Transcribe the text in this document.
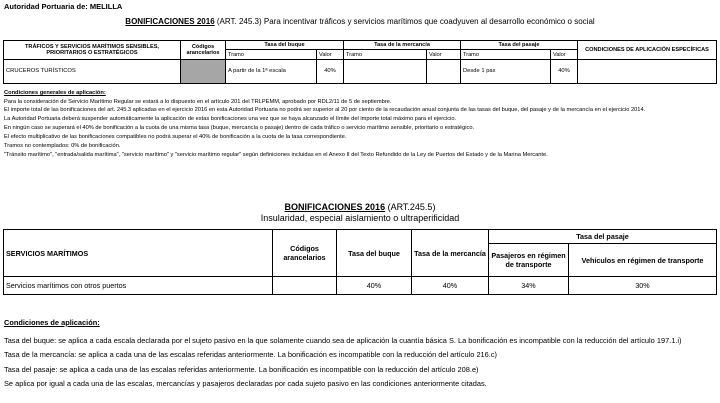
Autoridad Portuaria de: MELILLA
BONIFICACIONES 2016 (ART. 245.3) Para incentivar tráficos y servicios marítimos que coadyuven al desarrollo económico o social
TRÁFICOS Y SERVICIOS MARÍTIMOS SENSIBLES, PRIORITARIOS O ESTRATÉGICOS	Códigos arancelarios	Tasa del buque		Tasa de la mercancía		Tasa del pasaje		CONDICIONES DE APLICACIÓN ESPECÍFICAS
		Tramo	Valor	Tramo	Valor	Tramo	Valor	
CRUCEROS TURÍSTICOS		A partir de la 1ª escala	40%			Desde 1 pax	40%	
Condiciones generales de aplicación:
Para la consideración de Servicio Marítimo Regular se estará a lo dispuesto en el artículo 201 del TRLPEMM, aprobado por RDL2/11 de 5 de septiembre.
El importe total de las bonificaciones del art. 245.3 aplicadas en el ejercicio 2016 en esta Autoridad Portuaria no podrá ser superior al 20 por ciento de la recaudación anual conjunta de las tasas del buque, del pasaje y de la mercancía en el ejercicio 2014.
La Autoridad Portuaria deberá suspender automáticamente la aplicación de estas bonificaciones una vez que se haya alcanzado el límite del importe total máximo para el ejercicio.
En ningún caso se superará el 40% de bonificación a la cuota de una misma tasa (buque, mercancía o pasaje) dentro de cada tráfico o servicio marítimo sensible, prioritario o estratégico.
El efecto multiplicativo de las bonificaciones compatibles no podrá superar el 40% de bonificación a la cuota de la tasa correspondiente.
Tramos no contemplados: 0% de bonificación.
"Tránsito marítimo", "entrada/salida marítima", "servicio marítimo" y "servicio marítimo regular" según definiciones incluidas en el Anexo II del Texto Refundido de la Ley de Puertos del Estado y de la Marina Mercante.
BONIFICACIONES 2016 (ART.245.5)
Insularidad, especial aislamiento o ultraperificidad
SERVICIOS MARÍTIMOS	Códigos arancelarios	Tasa del buque	Tasa de la mercancía	Tasa del pasaje	
				Pasajeros en régimen de transporte	Vehículos en régimen de transporte
Servicios marítimos con otros puertos		40%	40%	34%	30%

Condiciones de aplicación:

Tasa del buque: se aplica a cada escala declarada por el sujeto pasivo en la que solamente cuando sea de aplicación la cuantía básica S. La bonificación es incompatible con la reducción del artículo 197.1.i)

Tasa de la mercancía: se aplica a cada una de las escalas referidas anteriormente. La bonificación es incompatible con la reducción del artículo 216.c)

Tasa del pasaje: se aplica a cada una de las escalas referidas anteriormente. La bonificación es incompatible con la reducción del artículo 208.e)

Se aplica por igual a cada una de las escalas, mercancías y pasajeros declaradas por cada sujeto pasivo en las condiciones anteriormente citadas.
